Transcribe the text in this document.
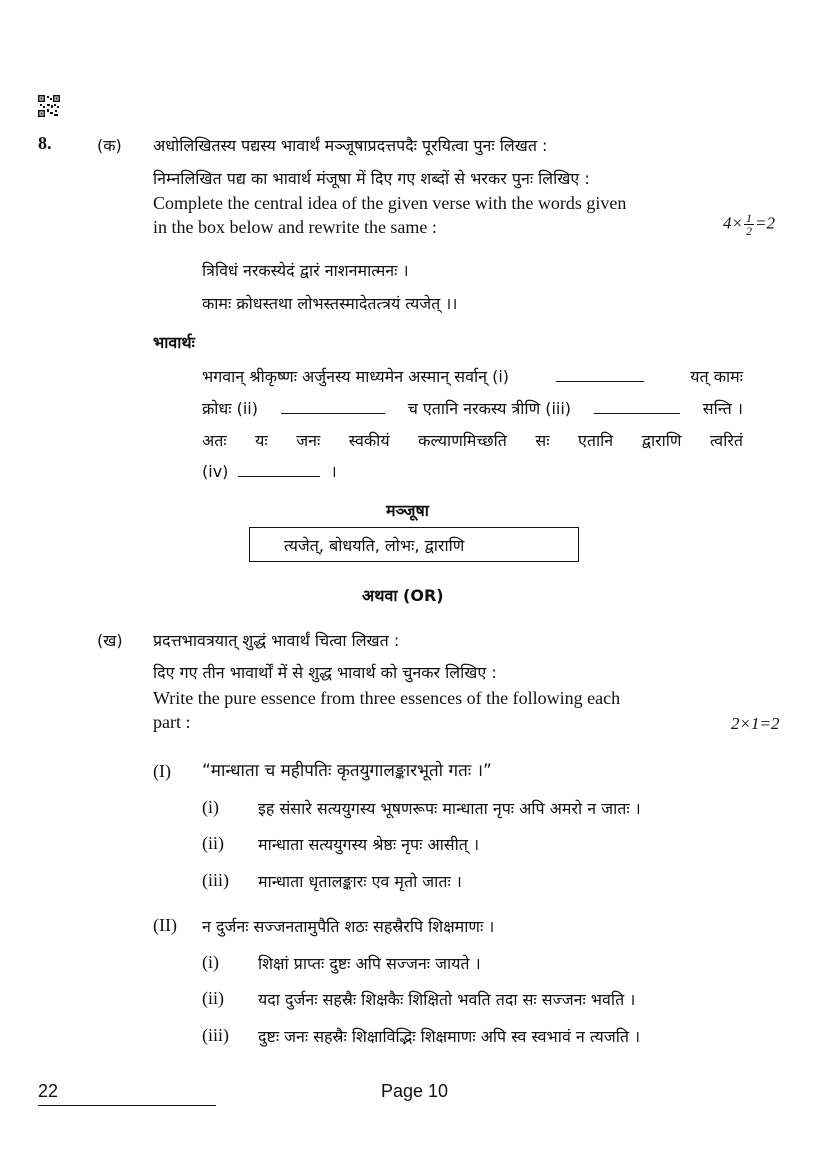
8.	(क) अधोलिखितस्य पद्यस्य भावार्थं मञ्जूषाप्रदत्तपदैः पूरयित्वा पुनः लिखत :
निम्नलिखित पद्य का भावार्थ मंजूषा में दिए गए शब्दों से भरकर पुनः लिखिए :
Complete the central idea of the given verse with the words given
in the box below and rewrite the same :	$4\times \frac{1}{2} =2$
त्रिविधं नरकस्येदं द्वारं नाशनमात्मनः ।
कामः क्रोधस्तथा लोभस्तस्मादेतत्त्रयं त्यजेत् ।।
भावार्थः
भगवान् श्रीकृष्णः अर्जुनस्य माध्यमेन अस्मान् सर्वान् (i)	यत् कामः
क्रोधः (ii)	च एतानि नरकस्य त्रीणि (iii)	सन्ति ।
अतः यः जनः स्वकीयं कल्याणमिच्छति सः एतानि द्वाराणि त्वरितं
(iv)	।
मञ्जूषा
त्यजेत्, बोधयति, लोभः, द्वाराणि
अथवा (OR)
(ख) प्रदत्तभावत्रयात् शुद्धं भावार्थं चित्वा लिखत :
दिए गए तीन भावार्थों में से शुद्ध भावार्थ को चुनकर लिखिए :
Write the pure essence from three essences of the following each
part :	2×1=2
(I) “मान्धाता च महीपतिः कृतयुगालङ्कारभूतो गतः ।”
(i) इह संसारे सत्ययुगस्य भूषणरूपः मान्धाता नृपः अपि अमरो न जातः ।
(ii) मान्धाता सत्ययुगस्य श्रेष्ठः नृपः आसीत् ।
(iii) मान्धाता धृतालङ्कारः एव मृतो जातः ।
(II) न दुर्जनः सज्जनतामुपैति शठः सहस्रैरपि शिक्षमाणः ।
(i) शिक्षां प्राप्तः दुष्टः अपि सज्जनः जायते ।
(ii) यदा दुर्जनः सहस्रैः शिक्षकैः शिक्षितो भवति तदा सः सज्जनः भवति ।
(iii) दुष्टः जनः सहस्रैः शिक्षाविद्भिः शिक्षमाणः अपि स्व स्वभावं न त्यजति ।
22	Page 10
